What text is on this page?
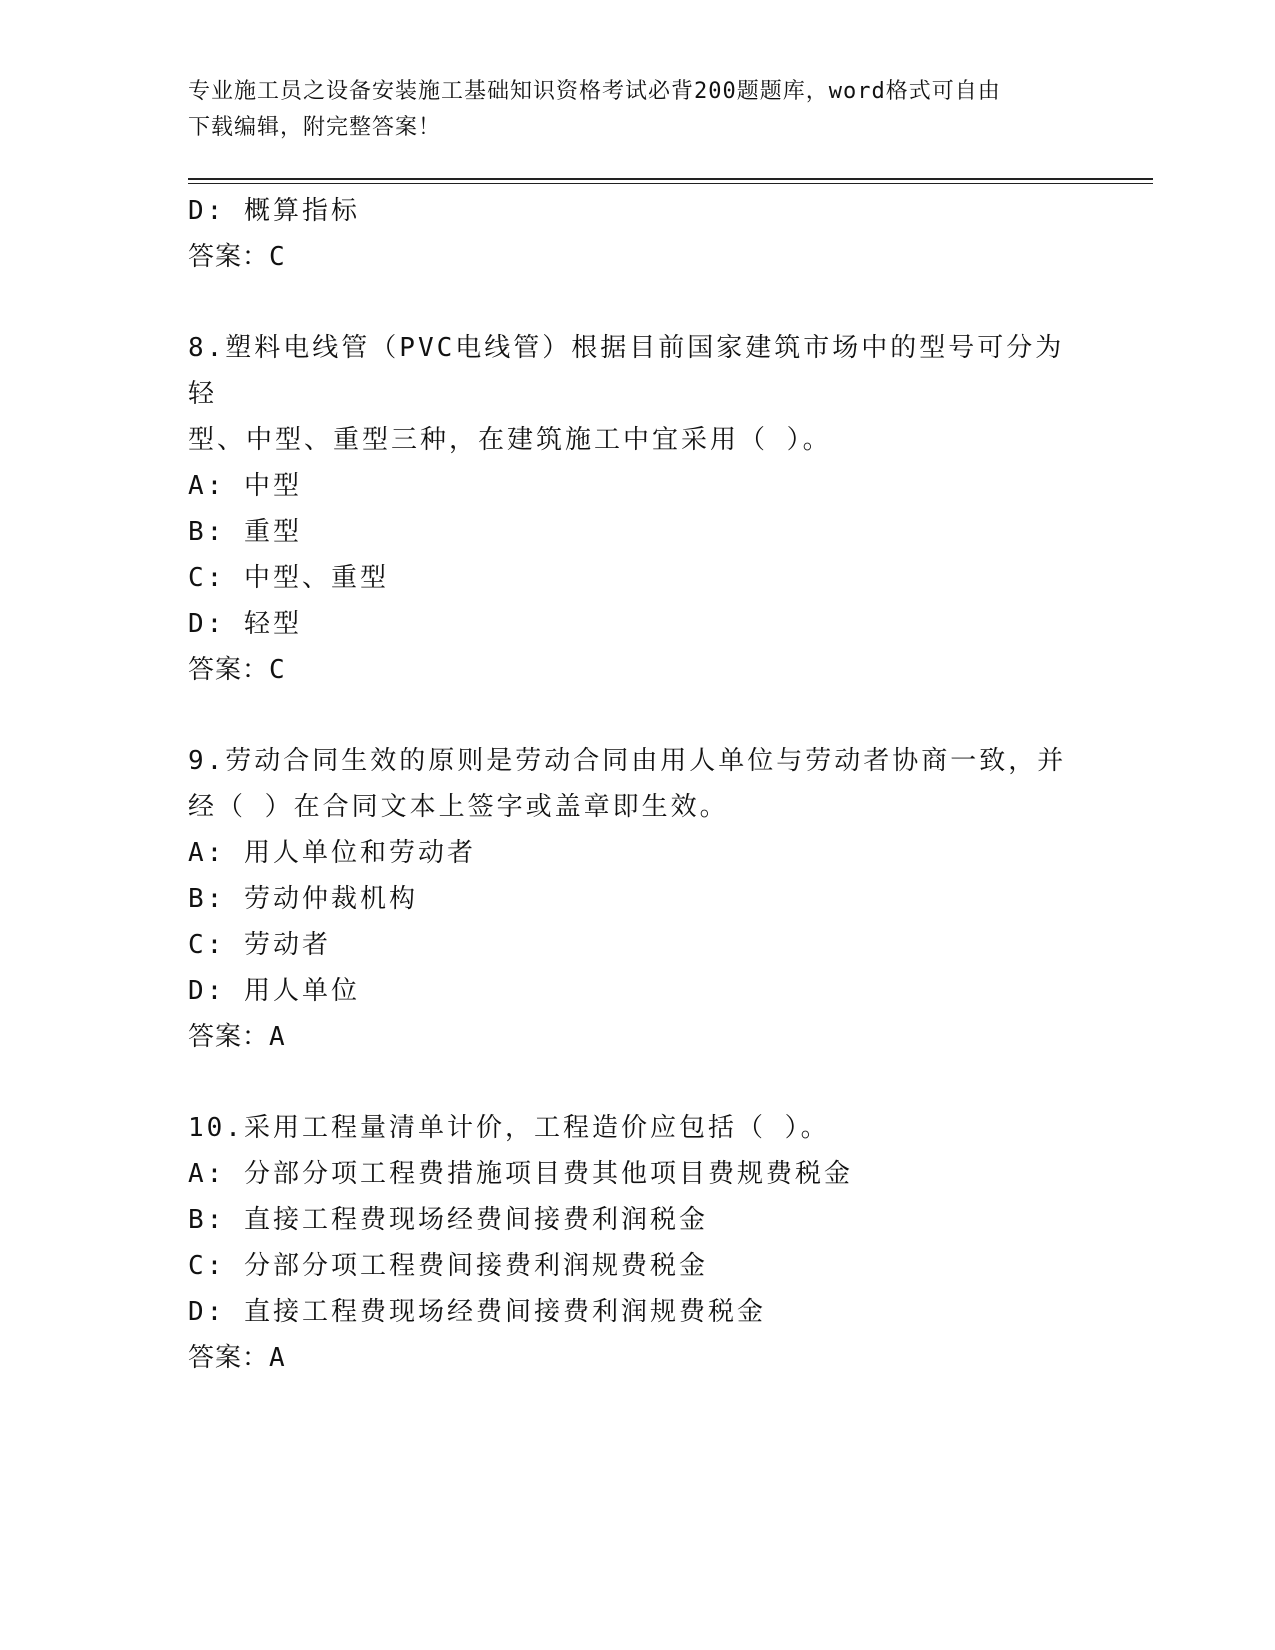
专业施工员之设备安装施工基础知识资格考试必背200题题库，word格式可自由
下载编辑，附完整答案！
D: 概算指标
答案：C
8.塑料电线管（PVC电线管）根据目前国家建筑市场中的型号可分为轻
型、中型、重型三种，在建筑施工中宜采用（ ）。
A: 中型
B: 重型
C: 中型、重型
D: 轻型
答案：C
9.劳动合同生效的原则是劳动合同由用人单位与劳动者协商一致，并
经（ ）在合同文本上签字或盖章即生效。
A: 用人单位和劳动者
B: 劳动仲裁机构
C: 劳动者
D: 用人单位
答案：A
10.采用工程量清单计价，工程造价应包括（ ）。
A: 分部分项工程费措施项目费其他项目费规费税金
B: 直接工程费现场经费间接费利润税金
C: 分部分项工程费间接费利润规费税金
D: 直接工程费现场经费间接费利润规费税金
答案：A
